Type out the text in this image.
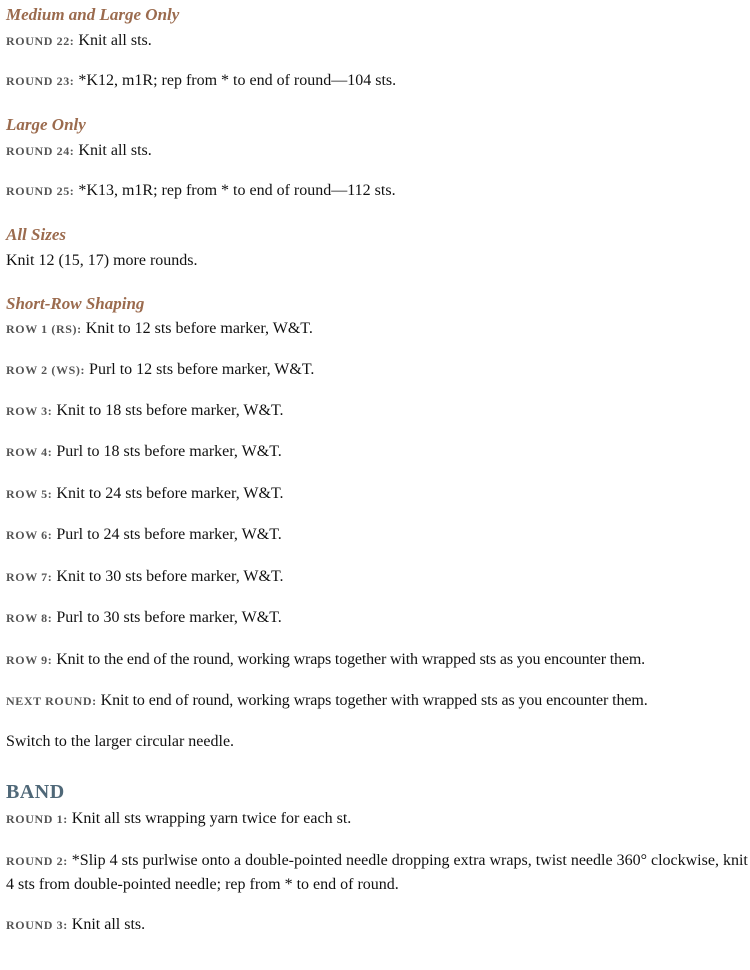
Medium and Large Only
ROUND 22: Knit all sts.
ROUND 23: *K12, m1R; rep from * to end of round—104 sts.
Large Only
ROUND 24: Knit all sts.
ROUND 25: *K13, m1R; rep from * to end of round—112 sts.
All Sizes
Knit 12 (15, 17) more rounds.
Short-Row Shaping
ROW 1 (RS): Knit to 12 sts before marker, W&T.
ROW 2 (WS): Purl to 12 sts before marker, W&T.
ROW 3: Knit to 18 sts before marker, W&T.
ROW 4: Purl to 18 sts before marker, W&T.
ROW 5: Knit to 24 sts before marker, W&T.
ROW 6: Purl to 24 sts before marker, W&T.
ROW 7: Knit to 30 sts before marker, W&T.
ROW 8: Purl to 30 sts before marker, W&T.
ROW 9: Knit to the end of the round, working wraps together with wrapped sts as you encounter them.
NEXT ROUND: Knit to end of round, working wraps together with wrapped sts as you encounter them.
Switch to the larger circular needle.
BAND
ROUND 1: Knit all sts wrapping yarn twice for each st.
ROUND 2: *Slip 4 sts purlwise onto a double-pointed needle dropping extra wraps, twist needle 360° clockwise, knit 4 sts from double-pointed needle; rep from * to end of round.
ROUND 3: Knit all sts.
